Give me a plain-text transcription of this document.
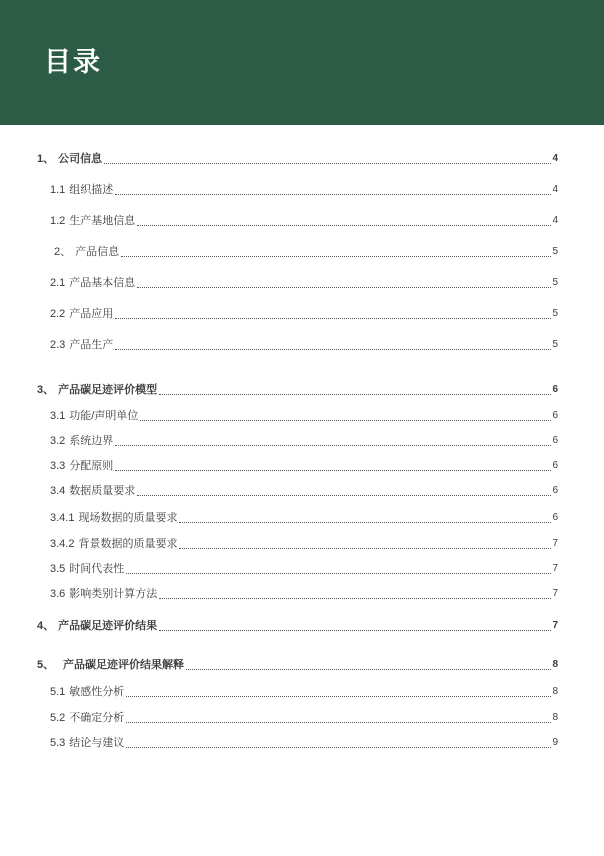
目录
1、 公司信息	4
1.1 组织描述	4
1.2 生产基地信息	4
2、 产品信息	5
2.1 产品基本信息	5
2.2 产品应用	5
2.3 产品生产	5
3、 产品碳足迹评价模型	6
3.1 功能/声明单位	6
3.2 系统边界	6
3.3 分配原则	6
3.4 数据质量要求	6
3.4.1 现场数据的质量要求	6
3.4.2 背景数据的质量要求	7
3.5 时间代表性	7
3.6 影响类别计算方法	7
4、 产品碳足迹评价结果	7
5、 产品碳足迹评价结果解释	8
5.1 敏感性分析	8
5.2 不确定分析	8
5.3 结论与建议	9
